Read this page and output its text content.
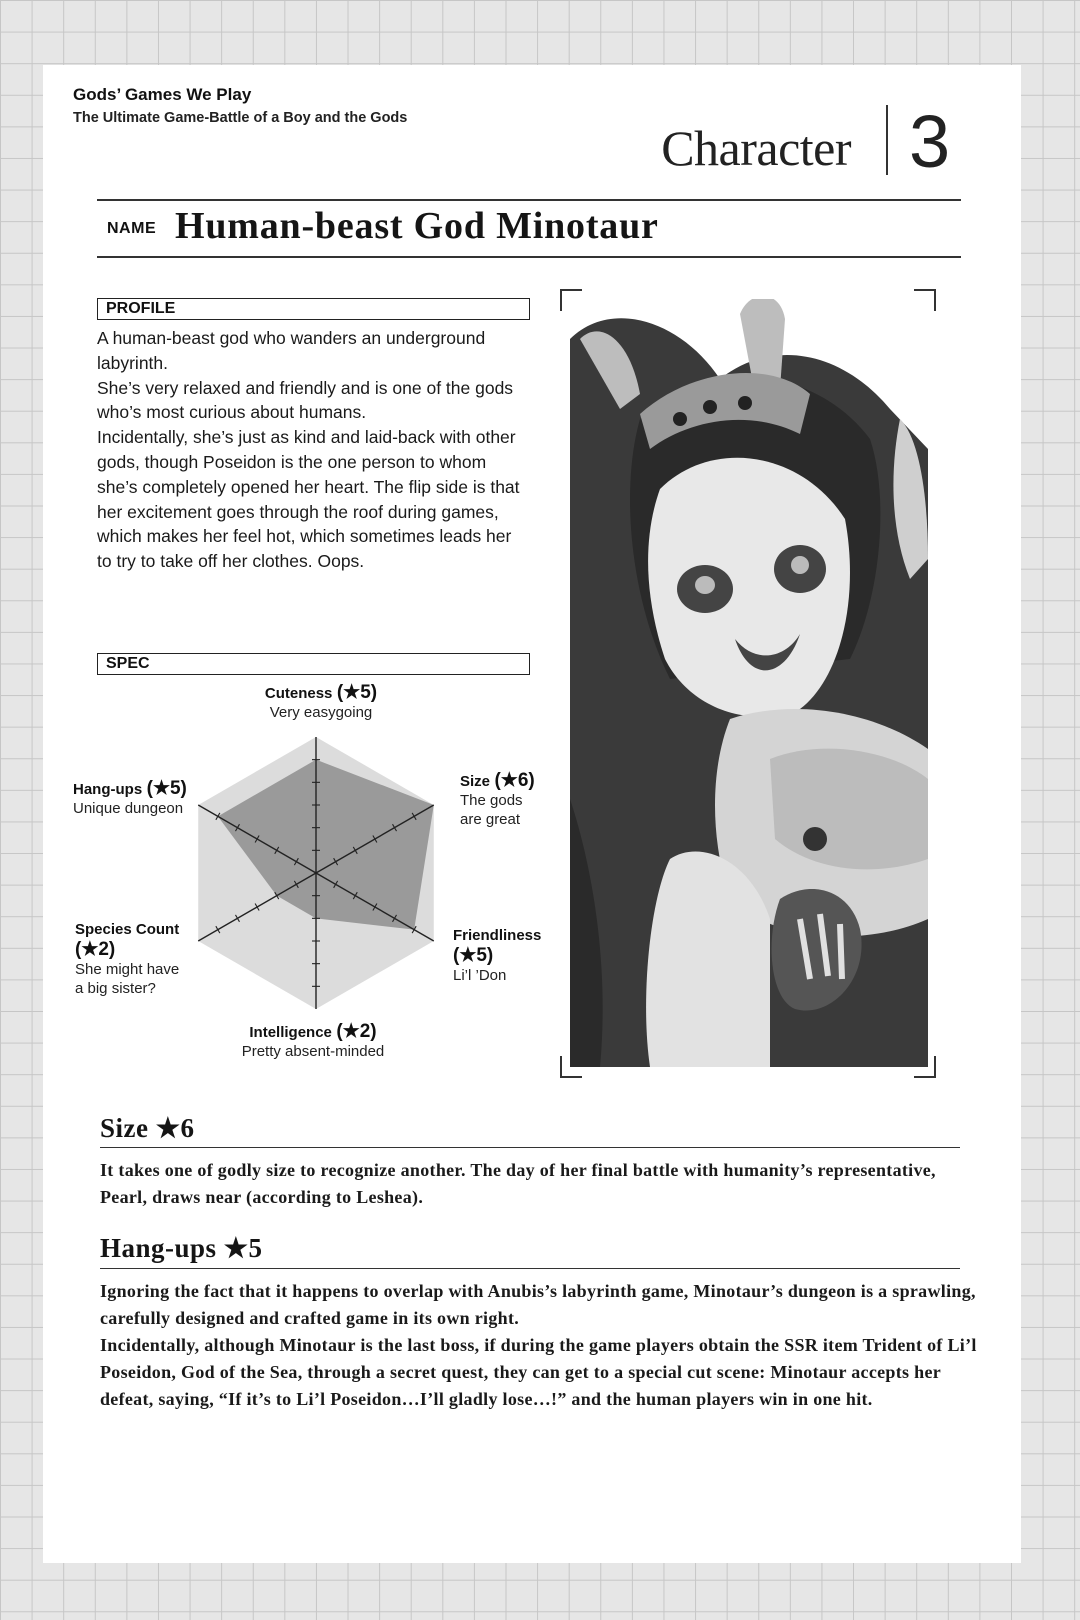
Gods’ Games We Play
The Ultimate Game-Battle of a Boy and the Gods
Character 3
NAME Human-beast God Minotaur
PROFILE

A human-beast god who wanders an underground labyrinth.

She’s very relaxed and friendly and is one of the gods who’s most curious about humans.

Incidentally, she’s just as kind and laid-back with other gods, though Poseidon is the one person to whom she’s completely opened her heart. The flip side is that her excitement goes through the roof during games, which makes her feel hot, which sometimes leads her to try to take off her clothes. Oops.

SPEC
Cuteness (★5)
Very easygoing
Size (★6)
The gods
are great
Friendliness
(★5)
Li’l ’Don
Intelligence (★2)
Pretty absent-minded
Species Count
(★2)
She might have
a big sister?
Hang-ups (★5)
Unique dungeon
Size ★6

It takes one of godly size to recognize another. The day of her final battle with humanity’s representative, Pearl, draws near (according to Leshea).

Hang-ups ★5

Ignoring the fact that it happens to overlap with Anubis’s labyrinth game, Minotaur’s dungeon is a sprawling, carefully designed and crafted game in its own right.

Incidentally, although Minotaur is the last boss, if during the game players obtain the SSR item Trident of Li’l Poseidon, God of the Sea, through a secret quest, they can get to a special cut scene: Minotaur accepts her defeat, saying, “If it’s to Li’l Poseidon…I’ll gladly lose…!” and the human players win in one hit.
